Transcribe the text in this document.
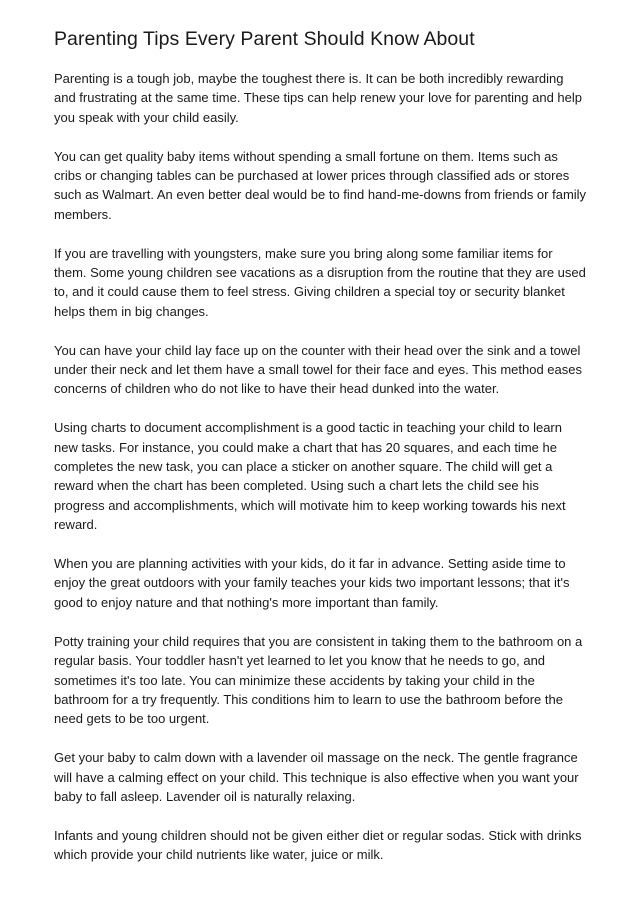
Parenting Tips Every Parent Should Know About

Parenting is a tough job, maybe the toughest there is. It can be both incredibly rewarding and frustrating at the same time. These tips can help renew your love for parenting and help you speak with your child easily.

You can get quality baby items without spending a small fortune on them. Items such as cribs or changing tables can be purchased at lower prices through classified ads or stores such as Walmart. An even better deal would be to find hand-me-downs from friends or family members.

If you are travelling with youngsters, make sure you bring along some familiar items for them. Some young children see vacations as a disruption from the routine that they are used to, and it could cause them to feel stress. Giving children a special toy or security blanket helps them in big changes.

You can have your child lay face up on the counter with their head over the sink and a towel under their neck and let them have a small towel for their face and eyes. This method eases concerns of children who do not like to have their head dunked into the water.

Using charts to document accomplishment is a good tactic in teaching your child to learn new tasks. For instance, you could make a chart that has 20 squares, and each time he completes the new task, you can place a sticker on another square. The child will get a reward when the chart has been completed. Using such a chart lets the child see his progress and accomplishments, which will motivate him to keep working towards his next reward.

When you are planning activities with your kids, do it far in advance. Setting aside time to enjoy the great outdoors with your family teaches your kids two important lessons; that it's good to enjoy nature and that nothing's more important than family.

Potty training your child requires that you are consistent in taking them to the bathroom on a regular basis. Your toddler hasn't yet learned to let you know that he needs to go, and sometimes it's too late. You can minimize these accidents by taking your child in the bathroom for a try frequently. This conditions him to learn to use the bathroom before the need gets to be too urgent.

Get your baby to calm down with a lavender oil massage on the neck. The gentle fragrance will have a calming effect on your child. This technique is also effective when you want your baby to fall asleep. Lavender oil is naturally relaxing.

Infants and young children should not be given either diet or regular sodas. Stick with drinks which provide your child nutrients like water, juice or milk.
